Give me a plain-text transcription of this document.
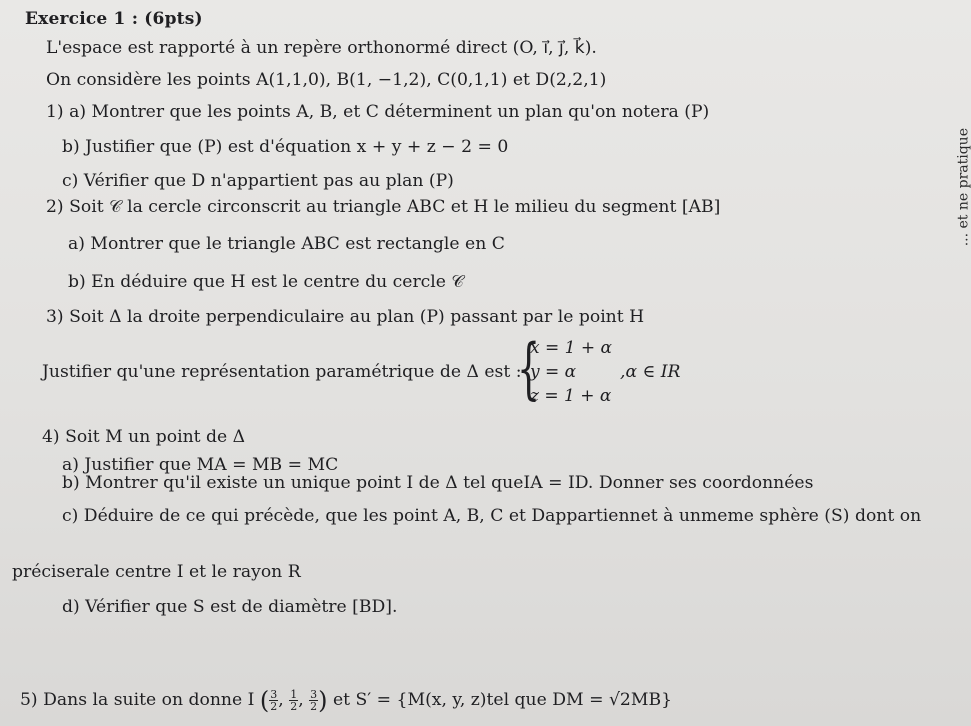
Exercice 1 : (6pts)
L'espace est rapporté à un repère orthonormé direct (O, i⃗, j⃗, k⃗).
On considère les points A(1,1,0), B(1, −1,2), C(0,1,1) et D(2,2,1)
1) a) Montrer que les points A, B, et C déterminent un plan qu'on notera (P)
b) Justifier que (P) est d'équation x + y + z − 2 = 0
c) Vérifier que D n'appartient pas au plan (P)
2) Soit 𝒞 la cercle circonscrit au triangle ABC et H le milieu du segment [AB]
a) Montrer que le triangle ABC est rectangle en C
b) En déduire que H est le centre du cercle 𝒞
3) Soit Δ la droite perpendiculaire au plan (P) passant par le point H
Justifier qu'une représentation paramétrique de Δ est :
{
x = 1 + α
y = α
z = 1 + α
,α ∈ IR
4) Soit M un point de Δ
a) Justifier que MA = MB = MC
b) Montrer qu'il existe un unique point I de Δ tel queIA = ID. Donner ses coordonnées
c) Déduire de ce qui précède, que les point A, B, C et Dappartiennet à unmeme sphère (S) dont on
préciserale centre I et le rayon R
d) Vérifier que S est de diamètre [BD].
5) Dans la suite on donne I ( $\frac{3}{2}$ , $\frac{1}{2}$ , $\frac{3}{2}$ ) et S′ = {M(x, y, z)tel que DM = √2MB}
... et ne pratique
